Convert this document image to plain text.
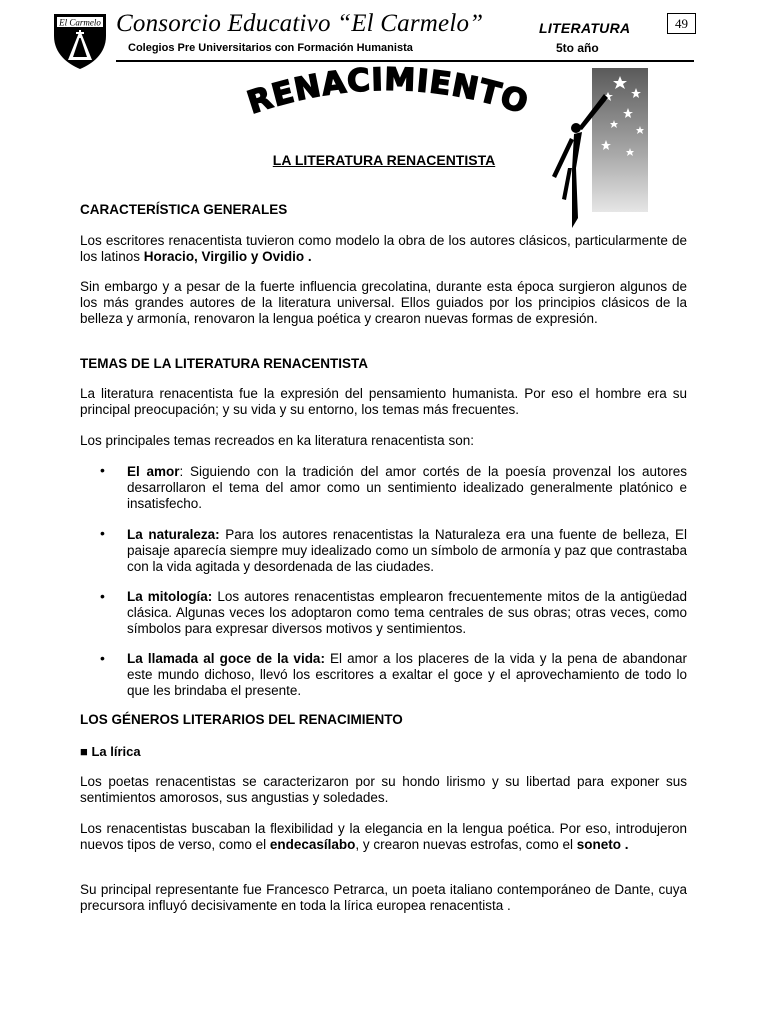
El Carmelo Consorcio Educativo “El Carmelo”	LITERATURA	49
Colegios Pre Universitarios con Formación Humanista	5to año
RENACIMIENTO
LA LITERATURA RENACENTISTA
CARACTERÍSTICA GENERALES

Los escritores renacentista tuvieron como modelo la obra de los autores clásicos, particularmente de los latinos Horacio, Virgilio y Ovidio .

Sin embargo y a pesar de la fuerte influencia grecolatina, durante esta época surgieron algunos de los más grandes autores de la literatura universal. Ellos guiados por los principios clásicos de la belleza y armonía, renovaron la lengua poética y crearon nuevas formas de expresión.

TEMAS DE LA LITERATURA RENACENTISTA

La literatura renacentista fue la expresión del pensamiento humanista. Por eso el hombre era su principal preocupación; y su vida y su entorno, los temas más frecuentes.

Los principales temas recreados en ka literatura renacentista son:

• El amor: Siguiendo con la tradición del amor cortés de la poesía provenzal los autores desarrollaron el tema del amor como un sentimiento idealizado generalmente platónico e insatisfecho.

• La naturaleza: Para los autores renacentistas la Naturaleza era una fuente de belleza, El paisaje aparecía siempre muy idealizado como un símbolo de armonía y paz que contrastaba con la vida agitada y desordenada de las ciudades.

• La mitología: Los autores renacentistas emplearon frecuentemente mitos de la antigüedad clásica. Algunas veces los adoptaron como tema centrales de sus obras; otras veces, como símbolos para expresar diversos motivos y sentimientos.

• La llamada al goce de la vida: El amor a los placeres de la vida y la pena de abandonar este mundo dichoso, llevó los escritores a exaltar el goce y el aprovechamiento de todo lo que les brindaba el presente.

LOS GÉNEROS LITERARIOS DEL RENACIMIENTO
■ La lírica

Los poetas renacentistas se caracterizaron por su hondo lirismo y su libertad para exponer sus sentimientos amorosos, sus angustias y soledades.

Los renacentistas buscaban la flexibilidad y la elegancia en la lengua poética. Por eso, introdujeron nuevos tipos de verso, como el endecasílabo, y crearon nuevas estrofas, como el soneto .

Su principal representante fue Francesco Petrarca, un poeta italiano contemporáneo de Dante, cuya precursora influyó decisivamente en toda la lírica europea renacentista .
